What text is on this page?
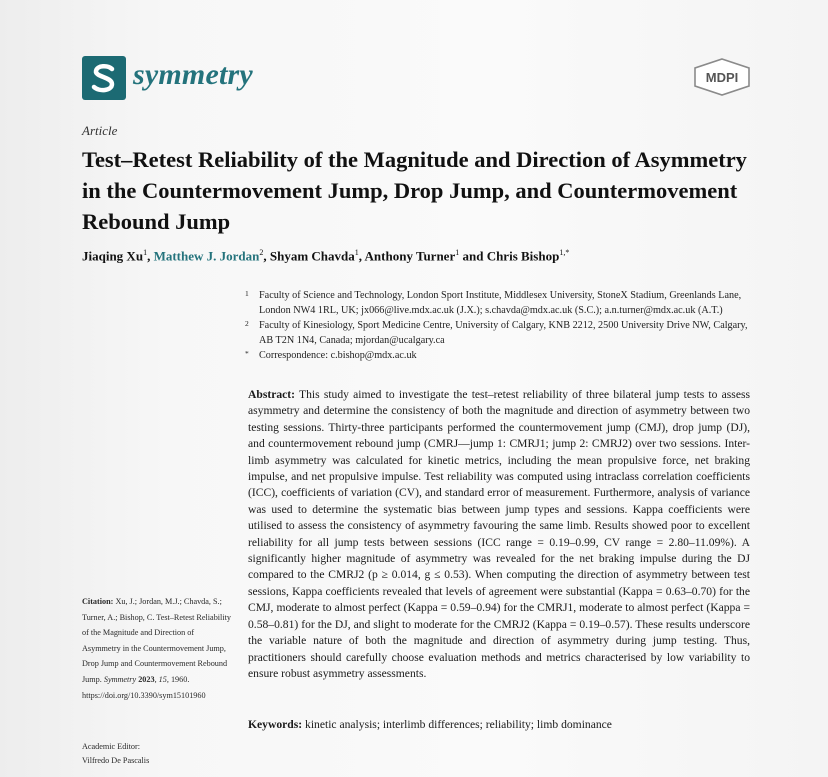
symmetry	MDPI
Article
Test–Retest Reliability of the Magnitude and Direction of Asymmetry in the Countermovement Jump, Drop Jump, and Countermovement Rebound Jump
Jiaqing Xu$^1$, Matthew J. Jordan$^2$, Shyam Chavda$^1$, Anthony Turner$^1$ and Chris Bishop$^{1,*}$
1 Faculty of Science and Technology, London Sport Institute, Middlesex University, StoneX Stadium, Greenlands Lane, London NW4 1RL, UK; jx066@live.mdx.ac.uk (J.X.); s.chavda@mdx.ac.uk (S.C.); a.n.turner@mdx.ac.uk (A.T.)
2 Faculty of Kinesiology, Sport Medicine Centre, University of Calgary, KNB 2212, 2500 University Drive NW, Calgary, AB T2N 1N4, Canada; mjordan@ucalgary.ca
* Correspondence: c.bishop@mdx.ac.uk
Abstract: This study aimed to investigate the test–retest reliability of three bilateral jump tests to assess asymmetry and determine the consistency of both the magnitude and direction of asymmetry between two testing sessions. Thirty-three participants performed the countermovement jump (CMJ), drop jump (DJ), and countermovement rebound jump (CMRJ—jump 1: CMRJ1; jump 2: CMRJ2) over two sessions. Inter-limb asymmetry was calculated for kinetic metrics, including the mean propulsive force, net braking impulse, and net propulsive impulse. Test reliability was computed using intraclass correlation coefficients (ICC), coefficients of variation (CV), and standard error of measurement. Furthermore, analysis of variance was used to determine the systematic bias between jump types and sessions. Kappa coefficients were utilised to assess the consistency of asymmetry favouring the same limb. Results showed poor to excellent reliability for all jump tests between sessions (ICC range = 0.19–0.99, CV range = 2.80–11.09%). A significantly higher magnitude of asymmetry was revealed for the net braking impulse during the DJ compared to the CMRJ2 (p ≥ 0.014, g ≤ 0.53). When computing the direction of asymmetry between test sessions, Kappa coefficients revealed that levels of agreement were substantial (Kappa = 0.63–0.70) for the CMJ, moderate to almost perfect (Kappa = 0.59–0.94) for the CMRJ1, moderate to almost perfect (Kappa = 0.58–0.81) for the DJ, and slight to moderate for the CMRJ2 (Kappa = 0.19–0.57). These results underscore the variable nature of both the magnitude and direction of asymmetry during jump testing. Thus, practitioners should carefully choose evaluation methods and metrics characterised by low variability to ensure robust asymmetry assessments.
Keywords: kinetic analysis; interlimb differences; reliability; limb dominance
Citation: Xu, J.; Jordan, M.J.; Chavda, S.; Turner, A.; Bishop, C. Test–Retest Reliability of the Magnitude and Direction of Asymmetry in the Countermovement Jump, Drop Jump and Countermovement Rebound Jump. Symmetry 2023, 15, 1960. https://doi.org/10.3390/sym15101960
Academic Editor:
Vilfredo De Pascalis
